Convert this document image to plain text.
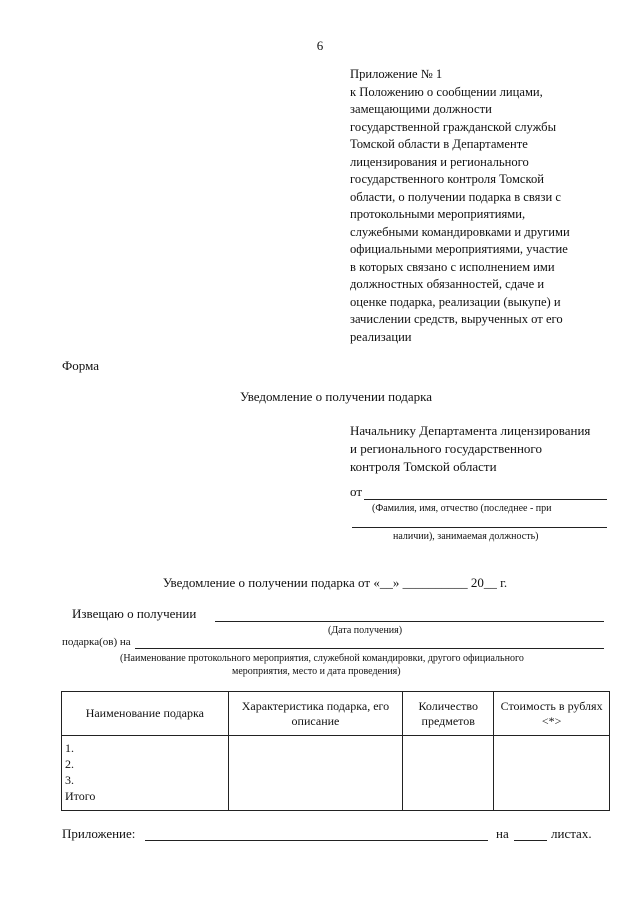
6
Приложение № 1
к Положению о сообщении лицами,
замещающими должности
государственной гражданской службы
Томской области в Департаменте
лицензирования и регионального
государственного контроля Томской
области, о получении подарка в связи с
протокольными мероприятиями,
служебными командировками и другими
официальными мероприятиями, участие
в которых связано с исполнением ими
должностных обязанностей, сдаче и
оценке подарка, реализации (выкупе) и
зачислении средств, вырученных от его
реализации
Форма
Уведомление о получении подарка
Начальнику Департамента лицензирования
и регионального государственного
контроля Томской области
от
(Фамилия, имя, отчество (последнее - при
наличии), занимаемая должность)
Уведомление о получении подарка от «__» __________ 20__ г.
Извещаю о получении
(Дата получения)
подарка(ов) на
(Наименование протокольного мероприятия, служебной командировки, другого официального
мероприятия, место и дата проведения)
Наименование подарка	Характеристика подарка, его описание	Количество предметов	Стоимость в рублях <*>

1.
2.
3.
Итого			

Приложение:	на	листах.
